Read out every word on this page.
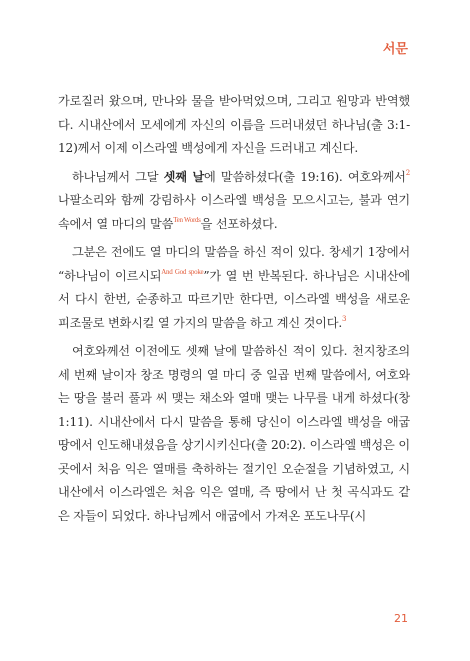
서문

가로질러 왔으며, 만나와 물을 받아먹었으며, 그리고 원망과 반역했다. 시내산에서 모세에게 자신의 이름을 드러내셨던 하나님(출 3:1-12)께서 이제 이스라엘 백성에게 자신을 드러내고 계신다.

하나님께서 그달 셋째 날에 말씀하셨다(출 19:16). 여호와께서$^2$ 나팔소리와 함께 강림하사 이스라엘 백성을 모으시고는, 불과 연기 속에서 열 마디의 말씀$^{Ten Words}$을 선포하셨다.

그분은 전에도 열 마디의 말씀을 하신 적이 있다. 창세기 1장에서 “하나님이 이르시되$^{And God spoke}$”가 열 번 반복된다. 하나님은 시내산에서 다시 한번, 순종하고 따르기만 한다면, 이스라엘 백성을 새로운 피조물로 변화시킬 열 가지의 말씀을 하고 계신 것이다.$^3$

여호와께선 이전에도 셋째 날에 말씀하신 적이 있다. 천지창조의 세 번째 날이자 창조 명령의 열 마디 중 일곱 번째 말씀에서, 여호와는 땅을 불러 풀과 씨 맺는 채소와 열매 맺는 나무를 내게 하셨다(창 1:11). 시내산에서 다시 말씀을 통해 당신이 이스라엘 백성을 애굽 땅에서 인도해내셨음을 상기시키신다(출 20:2). 이스라엘 백성은 이곳에서 처음 익은 열매를 축하하는 절기인 오순절을 기념하였고, 시내산에서 이스라엘은 처음 익은 열매, 즉 땅에서 난 첫 곡식과도 같은 자들이 되었다. 하나님께서 애굽에서 가져온 포도나무(시

21
